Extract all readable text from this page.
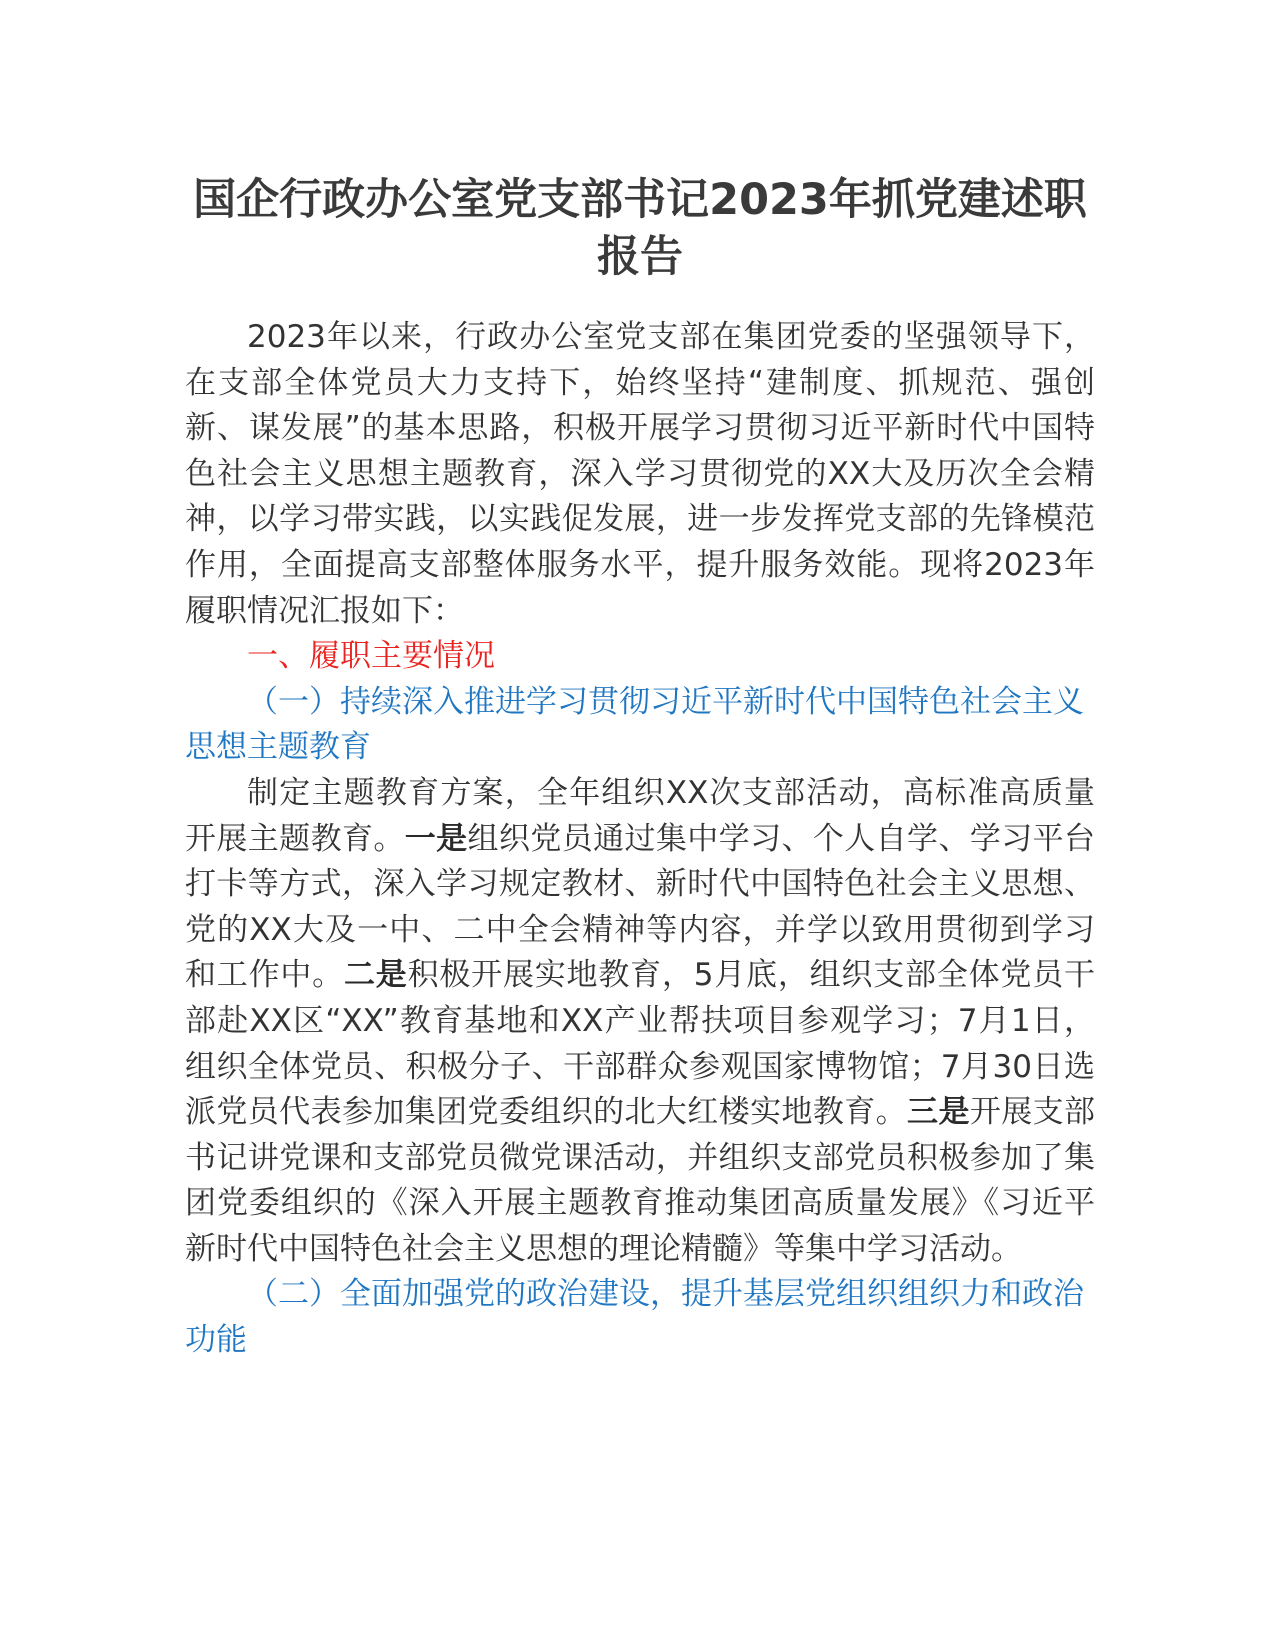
国企行政办公室党支部书记2023年抓党建述职报告

2023年以来，行政办公室党支部在集团党委的坚强领导下，在支部全体党员大力支持下，始终坚持“建制度、抓规范、强创新、谋发展”的基本思路，积极开展学习贯彻习近平新时代中国特色社会主义思想主题教育，深入学习贯彻党的XX大及历次全会精神，以学习带实践，以实践促发展，进一步发挥党支部的先锋模范作用，全面提高支部整体服务水平，提升服务效能。现将2023年履职情况汇报如下：

一、履职主要情况

（一）持续深入推进学习贯彻习近平新时代中国特色社会主义思想主题教育

制定主题教育方案，全年组织XX次支部活动，高标准高质量开展主题教育。一是组织党员通过集中学习、个人自学、学习平台打卡等方式，深入学习规定教材、新时代中国特色社会主义思想、党的XX大及一中、二中全会精神等内容，并学以致用贯彻到学习和工作中。二是积极开展实地教育，5月底，组织支部全体党员干部赴XX区“XX”教育基地和XX产业帮扶项目参观学习；7月1日，组织全体党员、积极分子、干部群众参观国家博物馆；7月30日选派党员代表参加集团党委组织的北大红楼实地教育。三是开展支部书记讲党课和支部党员微党课活动，并组织支部党员积极参加了集团党委组织的《深入开展主题教育推动集团高质量发展》《习近平新时代中国特色社会主义思想的理论精髓》等集中学习活动。

（二）全面加强党的政治建设，提升基层党组织组织力和政治功能
